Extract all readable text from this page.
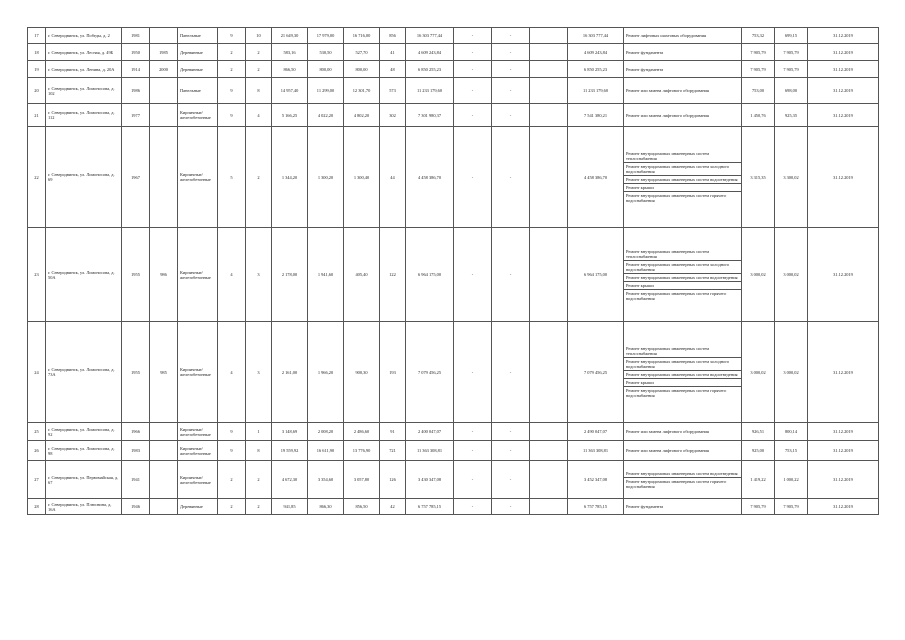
17	г. Северодвинск, ул. Победы, д. 2	1981		Панельные	9	10	21 649,30	17 979,00	16 716,00	856	16 303 777,44	-	-		16 303 777,44	Ремонт лифтовых шахтовых оборудования	753,32	699,15	31.12.2019
18	г. Северодвинск, ул. Лесная, д. 49Б	1950	1985	Деревянные	2	2	583,16	530,50	527,70	41	4 609 243,84	-	-		4 609 243,84	Ремонт фундамента	7 905,79	7 905,79	31.12.2019
19	г. Северодвинск, ул. Ленина, д. 20А	1914	2000	Деревянные	2	2	866,50	800,00	800,00	48	6 850 255,23	-	-		6 850 255,23	Ремонт фундамента	7 905,79	7 905,79	31.12.2019
20	г. Северодвинск, ул. Ломоносова, д. 102	1986		Панельные	9	8	14 957,40	11 299,00	12 301,70	573	11 233 179,60	-	-		11 233 179,60	Ремонт или замена лифтового оборудования	753,00	698,00	31.12.2019
21	г. Северодвинск, ул. Ломоносова, д. 112	1977		Кирпичные/ железобетонные	9	4	5 166,25	4 022,20	4 802,20	302	7 301 980,37	-	-		7 541 380,21	Ремонт или замена лифтового оборудования	1 450,76	925,35	31.12.2019
22	г. Северодвинск, ул. Ломоносова, д. 69	1967		Кирпичные/ железобетонные	5	2	1 344,20	1 300,20	1 300,40	44	4 458 386,70	-	-		4 458 386,70	Ремонт внутридомовых инженерных систем теплоснабжения
Ремонт внутридомовых инженерных систем холодного водоснабжения
Ремонт внутридомовых инженерных систем водоотведения
Ремонт крыши
Ремонт внутридомовых инженерных систем горячего водоснабжения	3 315,35	3 300,02	31.12.2019
23	г. Северодвинск, ул. Ломоносова, д. 50А	1955	986	Кирпичные/ железобетонные	4	3	2 178,00	1 941,60	405,40	122	6 964 175,00	-	-		6 964 175,00	Ремонт внутридомовых инженерных систем теплоснабжения
Ремонт внутридомовых инженерных систем холодного водоснабжения
Ремонт внутридомовых инженерных систем водоотведения
Ремонт крыши
Ремонт внутридомовых инженерных систем горячего водоснабжения	3 000,02	3 000,02	31.12.2019
24	г. Северодвинск, ул. Ломоносова, д. 73А	1955	985	Кирпичные/ железобетонные	4	3	2 161,00	1 966,20	900,30	193	7 079 456,25	-	-		7 079 456,25	Ремонт внутридомовых инженерных систем теплоснабжения
Ремонт внутридомовых инженерных систем холодного водоснабжения
Ремонт внутридомовых инженерных систем водоотведения
Ремонт крыши
Ремонт внутридомовых инженерных систем горячего водоснабжения	3 000,02	3 000,02	31.12.2019
25	г. Северодвинск, ул. Ломоносова, д. 92	1966		Кирпичные/ железобетонные	9	1	3 148,69	2 008,20	2 486,60	91	2 400 047,07	-	-		2 490 047,07	Ремонт или замена лифтового оборудования	926,51	800,14	31.12.2019
26	г. Северодвинск, ул. Ломоносова, д. 98	1983		Кирпичные/ железобетонные	9	8	19 559,92	16 611,90	13 776,90	721	11 363 308,81	-	-		11 363 308,81	Ремонт или замена лифтового оборудования	925,00	753,15	31.12.2019
27	г. Северодвинск, ул. Первомайская, д. 67	1941		Кирпичные/ железобетонные	2	2	4 672,30	3 354,60	3 057,80	126	3 430 347,08	-	-		3 452 347,08	Ремонт внутридомовых инженерных систем водоотведения
Ремонт внутридомовых инженерных систем горячего водоснабжения	1 419,22	1 000,22	31.12.2019
28	г. Северодвинск, ул. Плюснина, д. 16А	1946		Деревянные	2	2	941,85	866,30	856,50	42	6 757 785,15	-	-		6 757 785,15	Ремонт фундамента	7 905,79	7 905,79	31.12.2019
